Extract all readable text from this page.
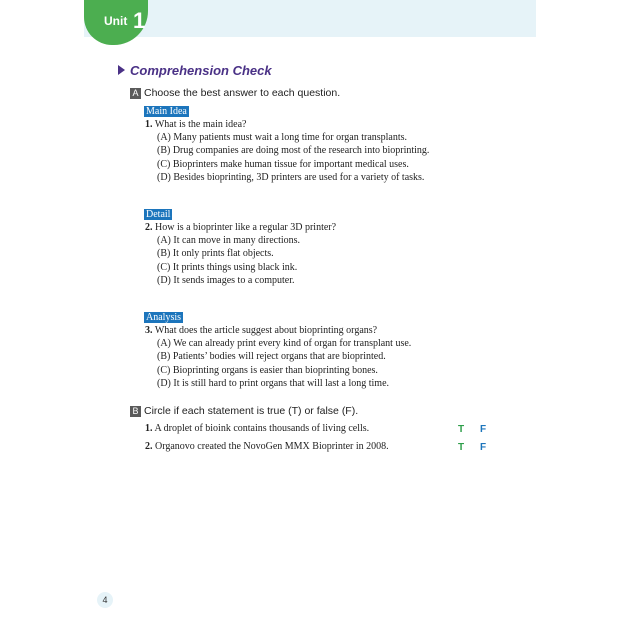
Unit 1
Comprehension Check
A Choose the best answer to each question.
Main Idea
1. What is the main idea?
(A) Many patients must wait a long time for organ transplants.
(B) Drug companies are doing most of the research into bioprinting.
(C) Bioprinters make human tissue for important medical uses.
(D) Besides bioprinting, 3D printers are used for a variety of tasks.
Detail
2. How is a bioprinter like a regular 3D printer?
(A) It can move in many directions.
(B) It only prints flat objects.
(C) It prints things using black ink.
(D) It sends images to a computer.
Analysis
3. What does the article suggest about bioprinting organs?
(A) We can already print every kind of organ for transplant use.
(B) Patients’ bodies will reject organs that are bioprinted.
(C) Bioprinting organs is easier than bioprinting bones.
(D) It is still hard to print organs that will last a long time.
B Circle if each statement is true (T) or false (F).
1. A droplet of bioink contains thousands of living cells.	T F
2. Organovo created the NovoGen MMX Bioprinter in 2008.	T F
4
